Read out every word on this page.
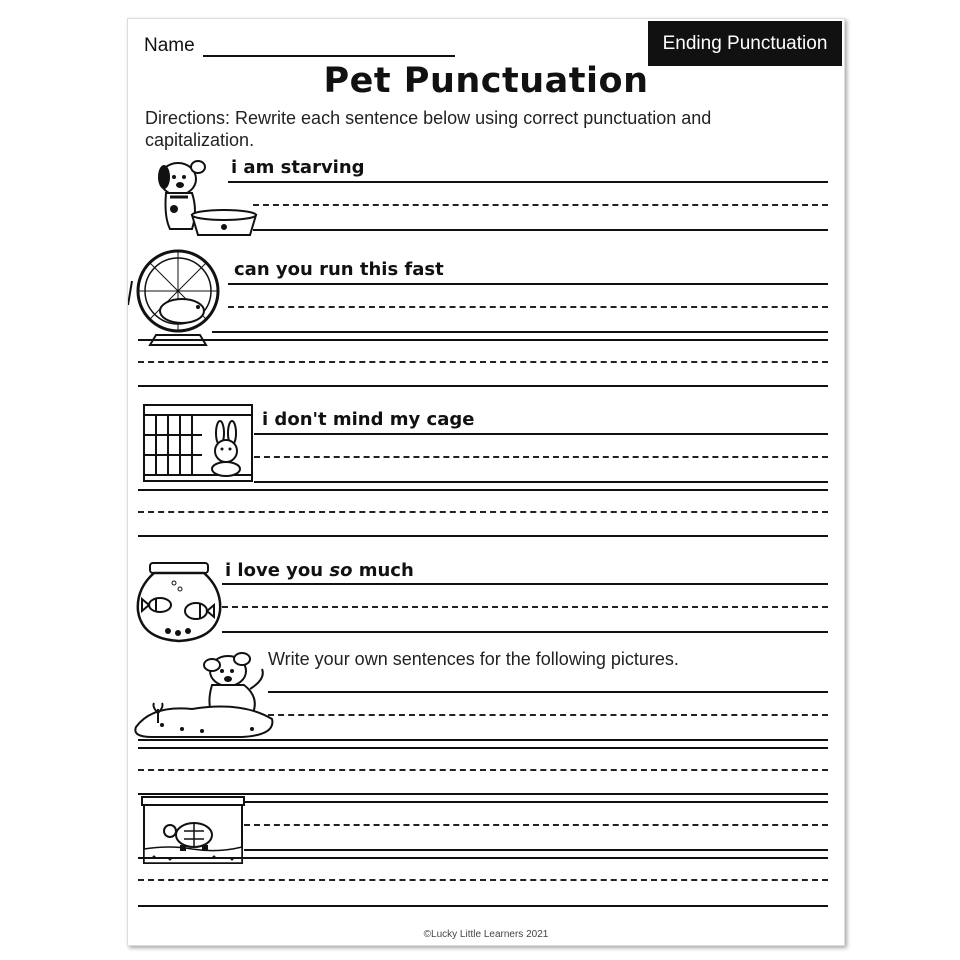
Name	Ending Punctuation
Pet Punctuation
Directions: Rewrite each sentence below using correct punctuation and capitalization.
i am starving
can you run this fast
i don't mind my cage
i love you so much
Write your own sentences for the following pictures.
©Lucky Little Learners 2021
